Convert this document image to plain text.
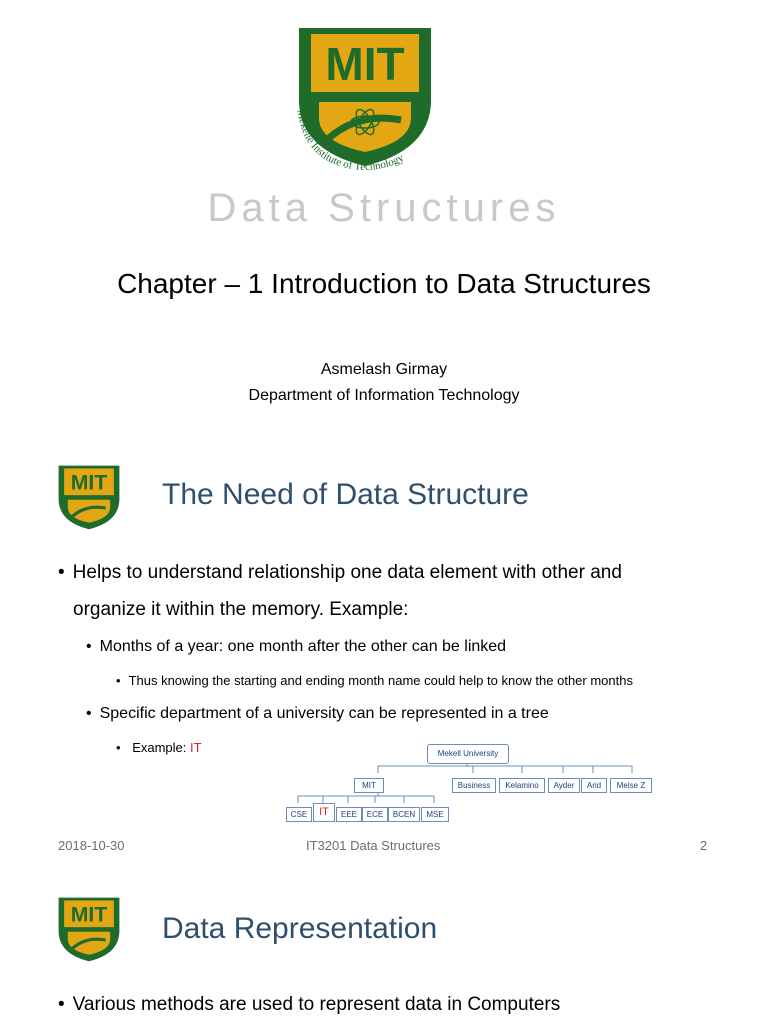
MIT
Mekelle Institute of Technology
Data Structures
Chapter – 1 Introduction to Data Structures
Asmelash Girmay
Department of Information Technology
MIT The Need of Data Structure
• Helps to understand relationship one data element with other and
organize it within the memory. Example:
• Months of a year: one month after the other can be linked
• Thus knowing the starting and ending month name could help to know the other months
• Specific department of a university can be represented in a tree
• Example: IT	Mekell University
MIT	Business	Kelamino	Ayder	Arid	Melse Z
CSE	IT	EEE	ECE	BCEN	MSE
2018-10-30	IT3201 Data Structures	2
MIT Data Representation
• Various methods are used to represent data in Computers
